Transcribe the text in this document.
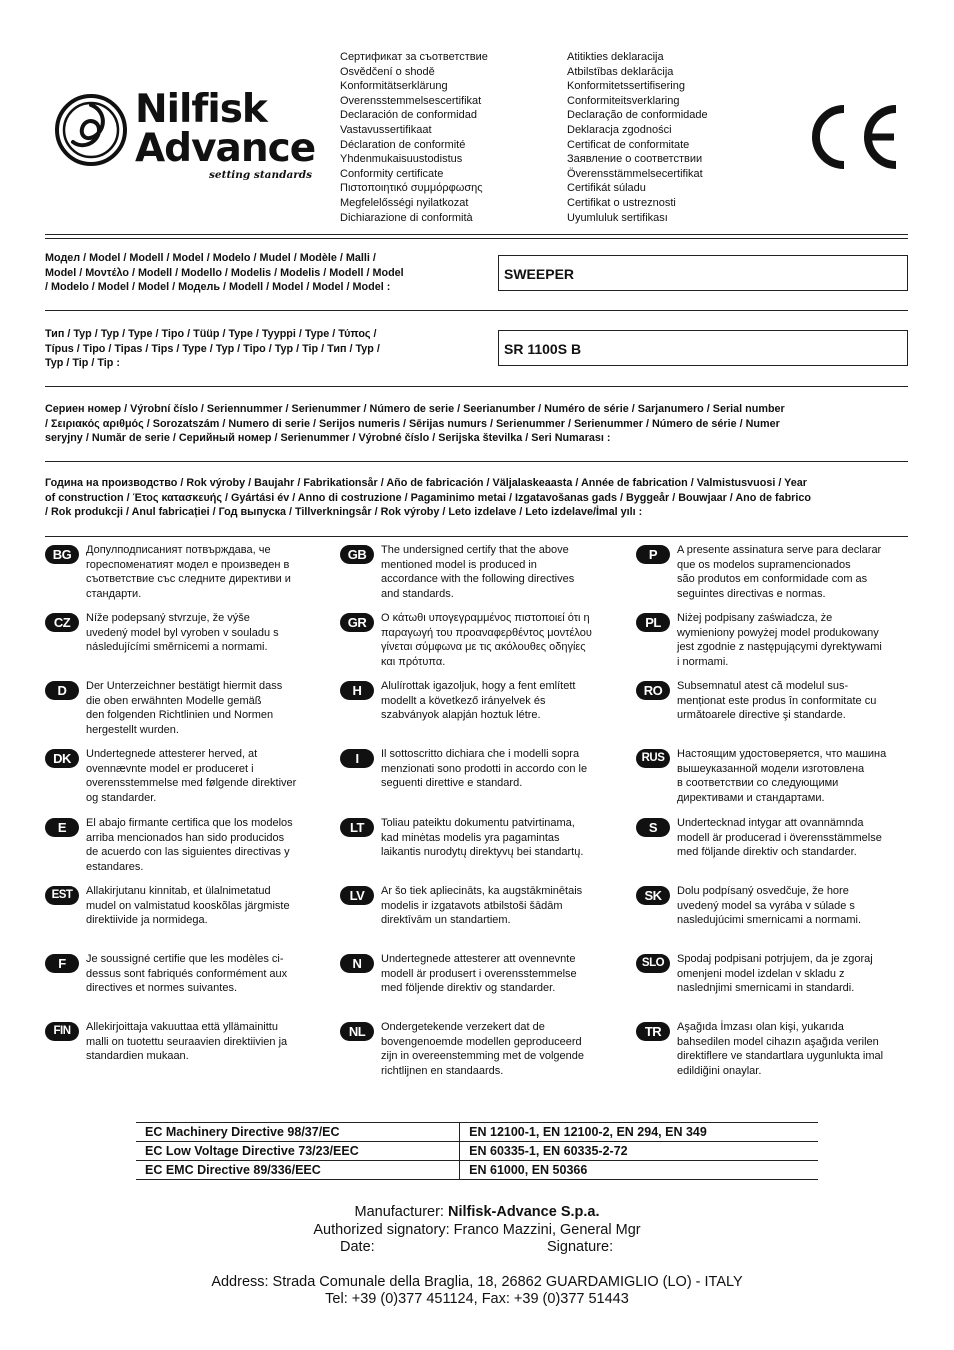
Nilfisk
Advance
setting standards
Сертификат за съответствие
Osvědčení o shodě
Konformitätserklärung
Overensstemmelsescertifikat
Declaración de conformidad
Vastavussertifikaat
Déclaration de conformité
Yhdenmukaisuustodistus
Conformity certificate
Πιστοποιητικό συμμόρφωσης
Megfelelősségi nyilatkozat
Dichiarazione di conformità
Atitikties deklaracija
Atbilstības deklarācija
Konformitetssertifisering
Conformiteitsverklaring
Declaração de conformidade
Deklaracja zgodności
Certificat de conformitate
Заявление о соответствии
Överensstämmelsecertifikat
Certifikát súladu
Certifikat o ustreznosti
Uyumluluk sertifikası
Модел / Model / Modell / Model / Modelo / Mudel / Modèle / Malli /
Model / Μοντέλο / Modell / Modello / Modelis / Modelis / Modell / Model
/ Modelo / Model / Model / Модель / Modell / Model / Model / Model :
SWEEPER
Тип / Typ / Typ / Type / Tipo / Tüüp / Type / Tyyppi / Type / Τύπος /
Típus / Tipo / Tipas / Tips / Type / Typ / Tipo / Typ / Tip / Тип / Typ /
Typ / Tip / Tip :
SR 1100S B
Сериен номер / Výrobní číslo / Seriennummer / Serienummer / Número de serie / Seerianumber / Numéro de série / Sarjanumero / Serial number
/ Σειριακός αριθμός / Sorozatszám / Numero di serie / Serijos numeris / Sērijas numurs / Serienummer / Serienummer / Número de série / Numer
seryjny / Număr de serie / Серийный номер / Serienummer / Výrobné číslo / Serijska številka / Seri Numarası :
Година на производство / Rok výroby / Baujahr / Fabrikationsår / Año de fabricación / Väljalaskeaasta / Année de fabrication / Valmistusvuosi / Year
of construction / Έτος κατασκευής / Gyártási év / Anno di costruzione / Pagaminimo metai / Izgatavošanas gads / Byggeår / Bouwjaar / Ano de fabrico
/ Rok produkcji / Anul fabricației / Год выпуска / Tillverkningsår / Rok výroby / Leto izdelave / Leto izdelave/İmal yılı :
BG	Допулподписаният потвърждава, че
гореспоменатият модел е произведен в
съответствие със следните директиви и
стандарти.
GB	The undersigned certify that the above
mentioned model is produced in
accordance with the following directives
and standards.
P	A presente assinatura serve para declarar
que os modelos supramencionados
são produtos em conformidade com as
seguintes directivas e normas.
CZ	Níže podepsaný stvrzuje, že výše
uvedený model byl vyroben v souladu s
následujícími směrnicemi a normami.
GR	Ο κάτωθι υπογεγραμμένος πιστοποιεί ότι η
παραγωγή του προαναφερθέντος μοντέλου
γίνεται σύμφωνα με τις ακόλουθες οδηγίες
και πρότυπα.
PL	Niżej podpisany zaświadcza, że
wymieniony powyżej model produkowany
jest zgodnie z następującymi dyrektywami
i normami.
D	Der Unterzeichner bestätigt hiermit dass
die oben erwähnten Modelle gemäß
den folgenden Richtlinien und Normen
hergestellt wurden.
H	Alulírottak igazoljuk, hogy a fent említett
modellt a következő irányelvek és
szabványok alapján hoztuk létre.
RO	Subsemnatul atest că modelul sus-
menționat este produs în conformitate cu
urmǎtoarele directive şi standarde.
DK	Undertegnede attesterer herved, at
ovennævnte model er produceret i
overensstemmelse med følgende direktiver
og standarder.
I	Il sottoscritto dichiara che i modelli sopra
menzionati sono prodotti in accordo con le
seguenti direttive e standard.
RUS	Настоящим удостоверяется, что машина
вышеуказанной модели изготовлена
в соответствии со следующими
директивами и стандартами.
E	El abajo firmante certifica que los modelos
arriba mencionados han sido producidos
de acuerdo con las siguientes directivas y
estandares.
LT	Toliau pateiktu dokumentu patvirtinama,
kad minėtas modelis yra pagamintas
laikantis nurodytų direktyvų bei standartų.
S	Undertecknad intygar att ovannämnda
modell är producerad i överensstämmelse
med följande direktiv och standarder.
EST	Allakirjutanu kinnitab, et ülalnimetatud
mudel on valmistatud kooskõlas järgmiste
direktiivide ja normidega.
LV	Ar šo tiek apliecināts, ka augstākminētais
modelis ir izgatavots atbilstoši šādām
direktīvām un standartiem.
SK	Dolu podpísaný osvedčuje, že hore
uvedený model sa vyrába v súlade s
nasledujúcimi smernicami a normami.
F	Je soussigné certifie que les modèles ci-
dessus sont fabriqués conformément aux
directives et normes suivantes.
N	Undertegnede attesterer att ovennevnte
modell är produsert i overensstemmelse
med följende direktiv og standarder.
SLO	Spodaj podpisani potrjujem, da je zgoraj
omenjeni model izdelan v skladu z
naslednjimi smernicami in standardi.
FIN	Allekirjoittaja vakuuttaa että yllämainittu
malli on tuotettu seuraavien direktiivien ja
standardien mukaan.
NL	Ondergetekende verzekert dat de
bovengenoemde modellen geproduceerd
zijn in overeenstemming met de volgende
richtlijnen en standaards.
TR	Aşağıda İmzası olan kişi, yukarıda
bahsedilen model cihazın aşağıda verilen
direktiflere ve standartlara uygunlukta imal
edildiğini onaylar.
EC Machinery Directive 98/37/EC	EN 12100-1, EN 12100-2, EN 294, EN 349
EC Low Voltage Directive 73/23/EEC	EN 60335-1, EN 60335-2-72
EC EMC Directive 89/336/EEC	EN 61000, EN 50366
Manufacturer: Nilfisk-Advance S.p.a.
Authorized signatory: Franco Mazzini, General Mgr
Date:	Signature:
Address: Strada Comunale della Braglia, 18, 26862 GUARDAMIGLIO (LO) - ITALY
Tel: +39 (0)377 451124, Fax: +39 (0)377 51443
